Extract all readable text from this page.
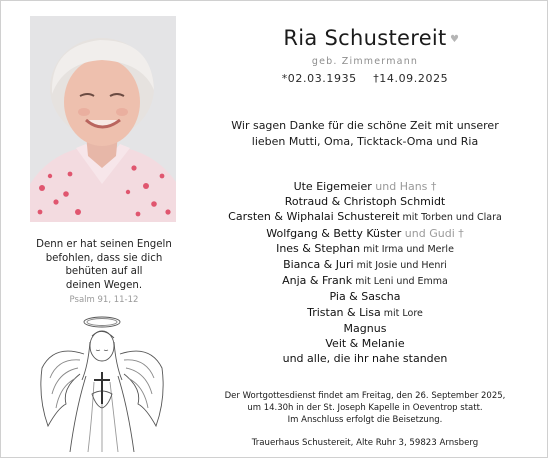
Denn er hat seinen Engeln
befohlen, dass sie dich
behüten auf all
deinen Wegen.
Psalm 91, 11-12
Ria Schustereit
geb. Zimmermann
*02.03.1935 †14.09.2025
Wir sagen Danke für die schöne Zeit mit unserer
lieben Mutti, Oma, Ticktack-Oma und Ria
Ute Eigemeier und Hans †
Rotraud & Christoph Schmidt
Carsten & Wiphalai Schustereit mit Torben und Clara
Wolfgang & Betty Küster und Gudi †
Ines & Stephan mit Irma und Merle
Bianca & Juri mit Josie und Henri
Anja & Frank mit Leni und Emma
Pia & Sascha
Tristan & Lisa mit Lore
Magnus
Veit & Melanie
und alle, die ihr nahe standen
Der Wortgottesdienst findet am Freitag, den 26. September 2025,
um 14.30h in der St. Joseph Kapelle in Oeventrop statt.
Im Anschluss erfolgt die Beisetzung.
Trauerhaus Schustereit, Alte Ruhr 3, 59823 Arnsberg
♥
